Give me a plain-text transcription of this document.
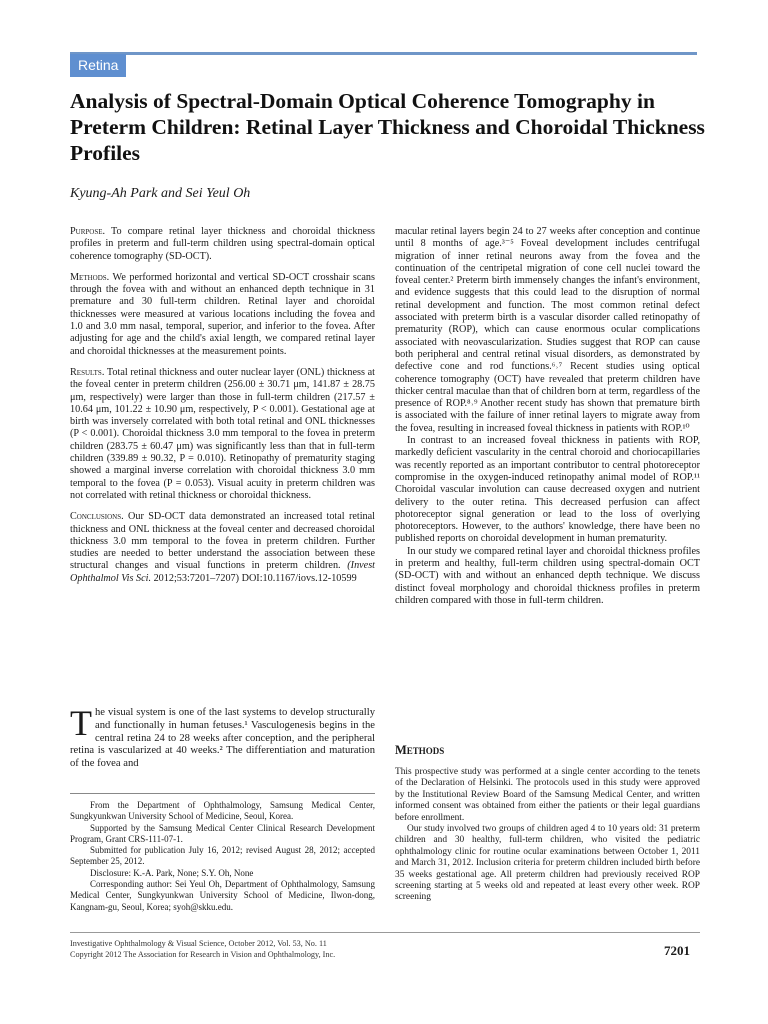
Retina
Analysis of Spectral-Domain Optical Coherence Tomography in Preterm Children: Retinal Layer Thickness and Choroidal Thickness Profiles
Kyung-Ah Park and Sei Yeul Oh

Purpose. To compare retinal layer thickness and choroidal thickness profiles in preterm and full-term children using spectral-domain optical coherence tomography (SD-OCT).

Methods. We performed horizontal and vertical SD-OCT crosshair scans through the fovea with and without an enhanced depth technique in 31 premature and 30 full-term children. Retinal layer and choroidal thicknesses were measured at various locations including the fovea and 1.0 and 3.0 mm nasal, temporal, superior, and inferior to the fovea. After adjusting for age and the child's axial length, we compared retinal layer and choroidal thicknesses at the measurement points.

Results. Total retinal thickness and outer nuclear layer (ONL) thickness at the foveal center in preterm children (256.00 ± 30.71 μm, 141.87 ± 28.75 μm, respectively) were larger than those in full-term children (217.57 ± 10.64 μm, 101.22 ± 10.90 μm, respectively, P < 0.001). Gestational age at birth was inversely correlated with both total retinal and ONL thicknesses (P < 0.001). Choroidal thickness 3.0 mm temporal to the fovea in preterm children (283.75 ± 60.47 μm) was significantly less than that in full-term children (339.89 ± 90.32, P = 0.010). Retinopathy of prematurity staging showed a marginal inverse correlation with choroidal thickness 3.0 mm temporal to the fovea (P = 0.053). Visual acuity in preterm children was not correlated with retinal thickness or choroidal thickness.

Conclusions. Our SD-OCT data demonstrated an increased total retinal thickness and ONL thickness at the foveal center and decreased choroidal thickness 3.0 mm temporal to the fovea in preterm children. Further studies are needed to better understand the association between these structural changes and visual functions in preterm children. (Invest Ophthalmol Vis Sci. 2012;53:7201–7207) DOI:10.1167/iovs.12-10599

The visual system is one of the last systems to develop structurally and functionally in human fetuses.¹ Vasculogenesis begins in the central retina 24 to 28 weeks after conception, and the peripheral retina is vascularized at 40 weeks.² The differentiation and maturation of the fovea and

From the Department of Ophthalmology, Samsung Medical Center, Sungkyunkwan University School of Medicine, Seoul, Korea.

Supported by the Samsung Medical Center Clinical Research Development Program, Grant CRS-111-07-1.

Submitted for publication July 16, 2012; revised August 28, 2012; accepted September 25, 2012.

Disclosure: K.-A. Park, None; S.Y. Oh, None

Corresponding author: Sei Yeul Oh, Department of Ophthalmology, Samsung Medical Center, Sungkyunkwan University School of Medicine, Ilwon-dong, Kangnam-gu, Seoul, Korea; syoh@skku.edu.

macular retinal layers begin 24 to 27 weeks after conception and continue until 8 months of age.³⁻⁵ Foveal development includes centrifugal migration of inner retinal neurons away from the fovea and the continuation of the centripetal migration of cone cell nuclei toward the foveal center.² Preterm birth immensely changes the infant's environment, and evidence suggests that this could lead to the disruption of normal retinal development and function. The most common retinal defect associated with preterm birth is a vascular disorder called retinopathy of prematurity (ROP), which can cause enormous ocular complications associated with neovascularization. Studies suggest that ROP can cause both peripheral and central retinal visual disorders, as demonstrated by defective cone and rod functions.⁶˒⁷ Recent studies using optical coherence tomography (OCT) have revealed that preterm children have thicker central maculae than that of children born at term, regardless of the presence of ROP.⁸˒⁹ Another recent study has shown that premature birth is associated with the failure of inner retinal layers to migrate away from the fovea, resulting in increased foveal thickness in patients with ROP.¹⁰

In contrast to an increased foveal thickness in patients with ROP, markedly deficient vascularity in the central choroid and choriocapillaries was recently reported as an important contributor to central photoreceptor compromise in the oxygen-induced retinopathy animal model of ROP.¹¹ Choroidal vascular involution can cause decreased oxygen and nutrient delivery to the outer retina. This decreased perfusion can affect photoreceptor signal generation or lead to the loss of overlying photoreceptors. However, to the authors' knowledge, there have been no published reports on choroidal development in human prematurity.

In our study we compared retinal layer and choroidal thickness profiles in preterm and healthy, full-term children using spectral-domain OCT (SD-OCT) with and without an enhanced depth technique. We discuss distinct foveal morphology and choroidal thickness profiles in preterm children compared with those in full-term children.

Methods

This prospective study was performed at a single center according to the tenets of the Declaration of Helsinki. The protocols used in this study were approved by the Institutional Review Board of the Samsung Medical Center, and written informed consent was obtained from either the patients or their legal guardians before enrollment.

Our study involved two groups of children aged 4 to 10 years old: 31 preterm children and 30 healthy, full-term children, who visited the pediatric ophthalmology clinic for routine ocular examinations between October 1, 2011 and March 31, 2012. Inclusion criteria for preterm children included birth before 35 weeks gestational age. All preterm children had previously received ROP screening starting at 5 weeks old and repeated at least every other week. ROP screening

Investigative Ophthalmology & Visual Science, October 2012, Vol. 53, No. 11
Copyright 2012 The Association for Research in Vision and Ophthalmology, Inc.	7201
